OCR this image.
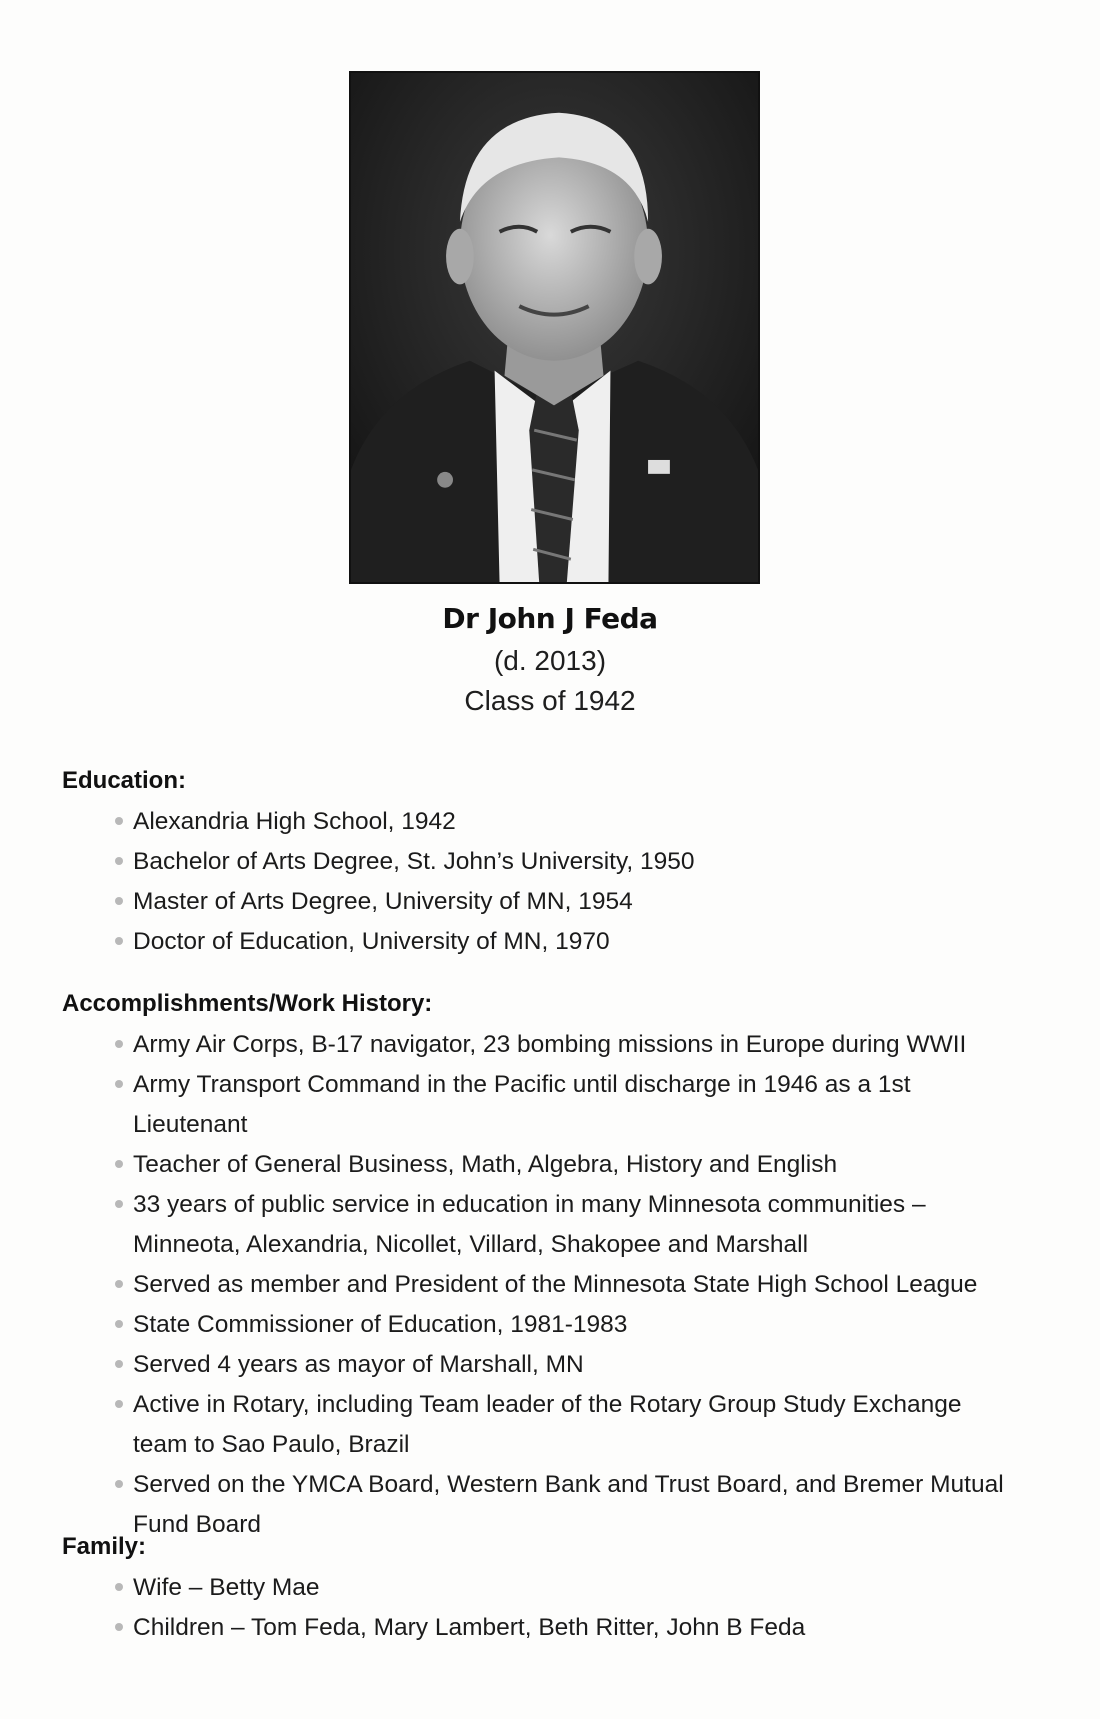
Dr John J Feda
(d. 2013)
Class of 1942
Education:
Alexandria High School, 1942
Bachelor of Arts Degree, St. John’s University, 1950
Master of Arts Degree, University of MN, 1954
Doctor of Education, University of MN, 1970
Accomplishments/Work History:
Army Air Corps, B-17 navigator, 23 bombing missions in Europe during WWII
Army Transport Command in the Pacific until discharge in 1946 as a 1st Lieutenant
Teacher of General Business, Math, Algebra, History and English
33 years of public service in education in many Minnesota communities – Minneota, Alexandria, Nicollet, Villard, Shakopee and Marshall
Served as member and President of the Minnesota State High School League
State Commissioner of Education, 1981-1983
Served 4 years as mayor of Marshall, MN
Active in Rotary, including Team leader of the Rotary Group Study Exchange team to Sao Paulo, Brazil
Served on the YMCA Board, Western Bank and Trust Board, and Bremer Mutual Fund Board
Family:
Wife – Betty Mae
Children – Tom Feda, Mary Lambert, Beth Ritter, John B Feda
